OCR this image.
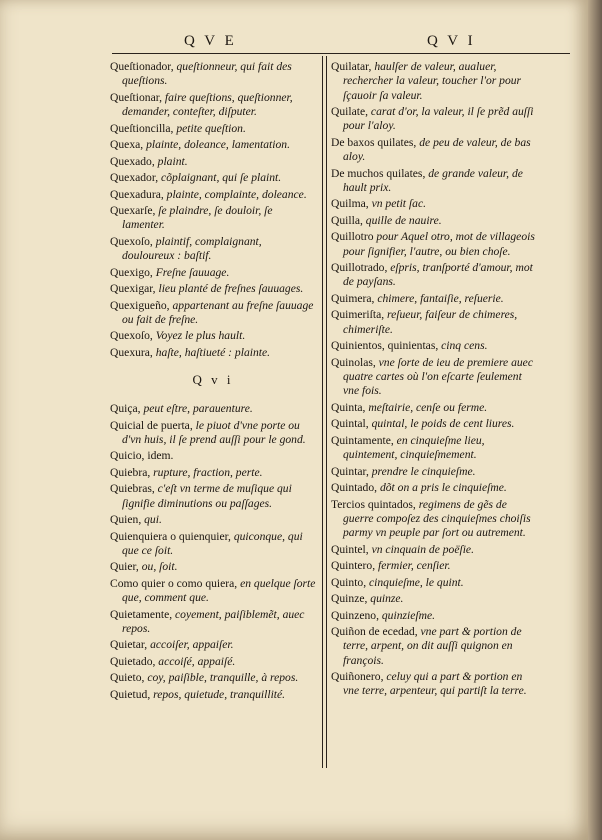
Q V E	Q V I
Queſtionador, queſtionneur, qui fait des queſtions.
Queſtionar, faire queſtions, queſtionner, demander, conteſter, diſputer.
Queſtioncilla, petite queſtion.
Quexa, plainte, doleance, lamentation.
Quexado, plaint.
Quexador, cõplaignant, qui ſe plaint.
Quexadura, plainte, complainte, doleance.
Quexarſe, ſe plaindre, ſe douloir, ſe lamenter.
Quexoſo, plaintif, complaignant, douloureux : baſtif.
Quexigo, Freſne ſauuage.
Quexigar, lieu planté de freſnes ſauuages.
Quexigueño, appartenant au freſne ſauuage ou fait de freſne.
Quexoſo, Voyez le plus hault.
Quexura, haſte, haſtiueté : plainte.
Q v i
Quiça, peut eſtre, parauenture.
Quicial de puerta, le piuot d'vne porte ou d'vn huis, il ſe prend auſſi pour le gond.
Quicio, idem.
Quiebra, rupture, fraction, perte.
Quiebras, c'eſt vn terme de muſique qui ſignifie diminutions ou paſſages.
Quien, qui.
Quienquiera o quienquier, quiconque, qui que ce ſoit.
Quier, ou, ſoit.
Como quier o como quiera, en quelque ſorte que, comment que.
Quietamente, coyement, paiſiblemẽt, auec repos.
Quietar, accoiſer, appaiſer.
Quietado, accoiſé, appaiſé.
Quieto, coy, paiſible, tranquille, à repos.
Quietud, repos, quietude, tranquillité.
Quilatar, haulſer de valeur, aualuer, rechercher la valeur, toucher l'or pour ſçauoir ſa valeur.
Quilate, carat d'or, la valeur, il ſe prẽd auſſi pour l'aloy.
De baxos quilates, de peu de valeur, de bas aloy.
De muchos quilates, de grande valeur, de hault prix.
Quilma, vn petit ſac.
Quilla, quille de nauire.
Quillotro pour Aquel otro, mot de villageois pour ſignifier, l'autre, ou bien choſe.
Quillotrado, eſpris, tranſporté d'amour, mot de payſans.
Quimera, chimere, fantaiſie, reſuerie.
Quimeriſta, reſueur, faiſeur de chimeres, chimeriſte.
Quinientos, quinientas, cinq cens.
Quinolas, vne ſorte de ieu de premiere auec quatre cartes où l'on eſcarte ſeulement vne fois.
Quinta, meſtairie, cenſe ou ferme.
Quintal, quintal, le poids de cent liures.
Quintamente, en cinquieſme lieu, quintement, cinquieſmement.
Quintar, prendre le cinquieſme.
Quintado, dõt on a pris le cinquieſme.
Tercios quintados, regimens de gẽs de guerre compoſez des cinquieſmes choiſis parmy vn peuple par ſort ou autrement.
Quintel, vn cinquain de poëſie.
Quintero, fermier, cenſier.
Quinto, cinquieſme, le quint.
Quinze, quinze.
Quinzeno, quinzieſme.
Quiñon de ecedad, vne part & portion de terre, arpent, on dit auſſi quignon en françois.
Quiñonero, celuy qui a part & portion en vne terre, arpenteur, qui partiſt la terre.
